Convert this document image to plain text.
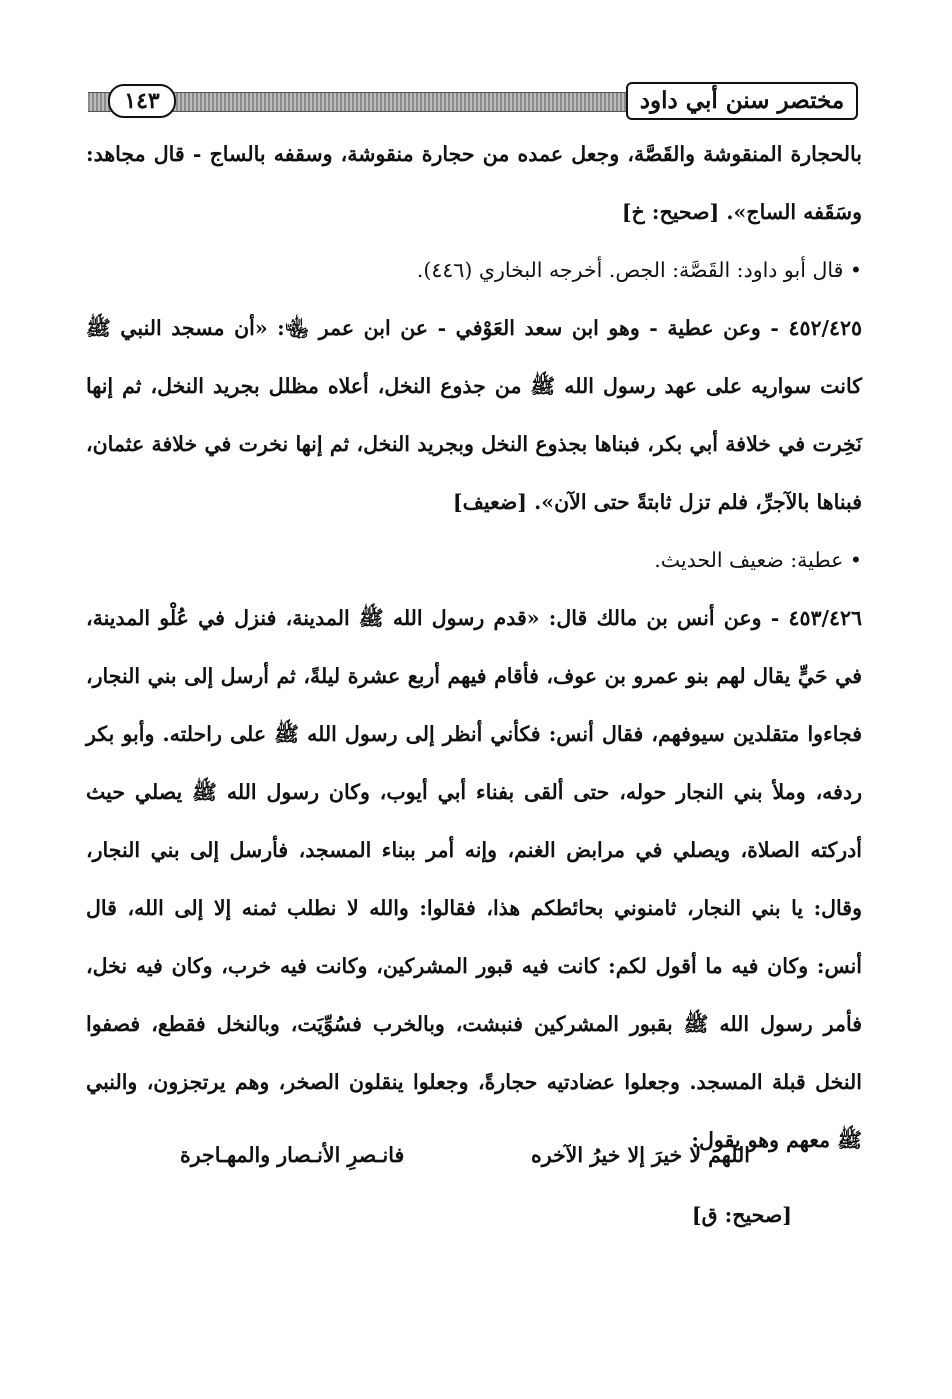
١٤٣	مختصر سنن أبي داود

بالحجارة المنقوشة والقَصَّة، وجعل عمده من حجارة منقوشة، وسقفه بالساج - قال مجاهد: وسَقَفه الساج». [صحيح: خ]

• قال أبو داود: القَصَّة: الجص. أخرجه البخاري (٤٤٦).

٤٥٢/٤٢٥ - وعن عطية - وهو ابن سعد العَوْفي - عن ابن عمر ﵄: «أن مسجد النبي ﷺ كانت سواريه على عهد رسول الله ﷺ من جذوع النخل، أعلاه مظلل بجريد النخل، ثم إنها نَخِرت في خلافة أبي بكر، فبناها بجذوع النخل وبجريد النخل، ثم إنها نخرت في خلافة عثمان، فبناها بالآجرِّ، فلم تزل ثابتةً حتى الآن». [ضعيف]

• عطية: ضعيف الحديث.

٤٥٣/٤٢٦ - وعن أنس بن مالك قال: «قدم رسول الله ﷺ المدينة، فنزل في عُلْو المدينة، في حَيٍّ يقال لهم بنو عمرو بن عوف، فأقام فيهم أربع عشرة ليلةً، ثم أرسل إلى بني النجار، فجاءوا متقلدين سيوفهم، فقال أنس: فكأني أنظر إلى رسول الله ﷺ على راحلته. وأبو بكر ردفه، وملأ بني النجار حوله، حتى ألقى بفناء أبي أيوب، وكان رسول الله ﷺ يصلي حيث أدركته الصلاة، ويصلي في مرابض الغنم، وإنه أمر ببناء المسجد، فأرسل إلى بني النجار، وقال: يا بني النجار، ثامنوني بحائطكم هذا، فقالوا: والله لا نطلب ثمنه إلا إلى الله، قال أنس: وكان فيه ما أقول لكم: كانت فيه قبور المشركين، وكانت فيه خرب، وكان فيه نخل، فأمر رسول الله ﷺ بقبور المشركين فنبشت، وبالخرب فسُوِّيَت، وبالنخل فقطع، فصفوا النخل قبلة المسجد. وجعلوا عضادتيه حجارةً، وجعلوا ينقلون الصخر، وهم يرتجزون، والنبي ﷺ معهم وهو يقول:

اللهم لا خيرَ إلا خيرُ الآخره
فانـصرِ الأنـصار والمهـاجرة
[صحيح: ق]
